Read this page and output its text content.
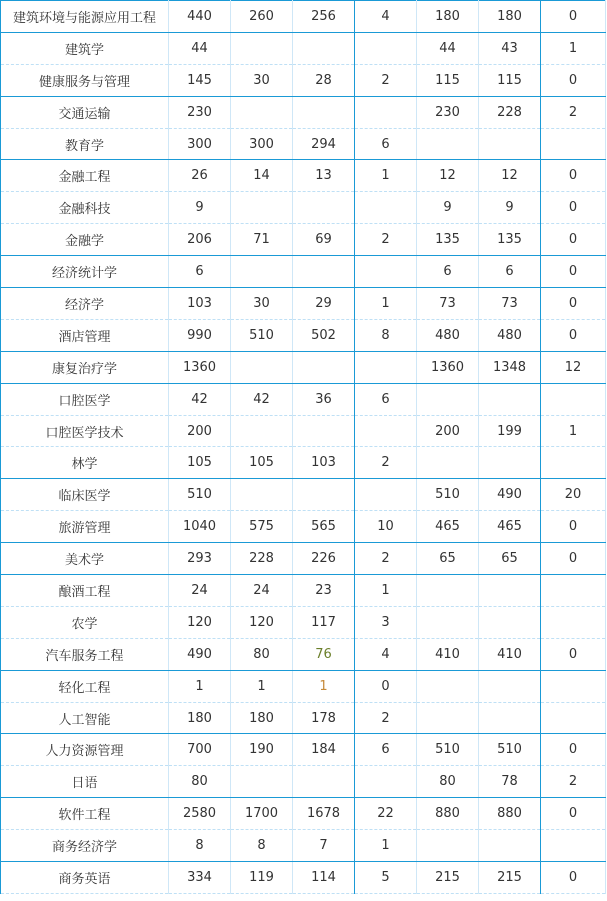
建筑环境与能源应用工程	440	260	256	4	180	180	0
建筑学	44				44	43	1
健康服务与管理	145	30	28	2	115	115	0
交通运输	230				230	228	2
教育学	300	300	294	6			
金融工程	26	14	13	1	12	12	0
金融科技	9				9	9	0
金融学	206	71	69	2	135	135	0
经济统计学	6				6	6	0
经济学	103	30	29	1	73	73	0
酒店管理	990	510	502	8	480	480	0
康复治疗学	1360				1360	1348	12
口腔医学	42	42	36	6			
口腔医学技术	200				200	199	1
林学	105	105	103	2			
临床医学	510				510	490	20
旅游管理	1040	575	565	10	465	465	0
美术学	293	228	226	2	65	65	0
酿酒工程	24	24	23	1			
农学	120	120	117	3			
汽车服务工程	490	80	76	4	410	410	0
轻化工程	1	1	1	0			
人工智能	180	180	178	2			
人力资源管理	700	190	184	6	510	510	0
日语	80				80	78	2
软件工程	2580	1700	1678	22	880	880	0
商务经济学	8	8	7	1			
商务英语	334	119	114	5	215	215	0
